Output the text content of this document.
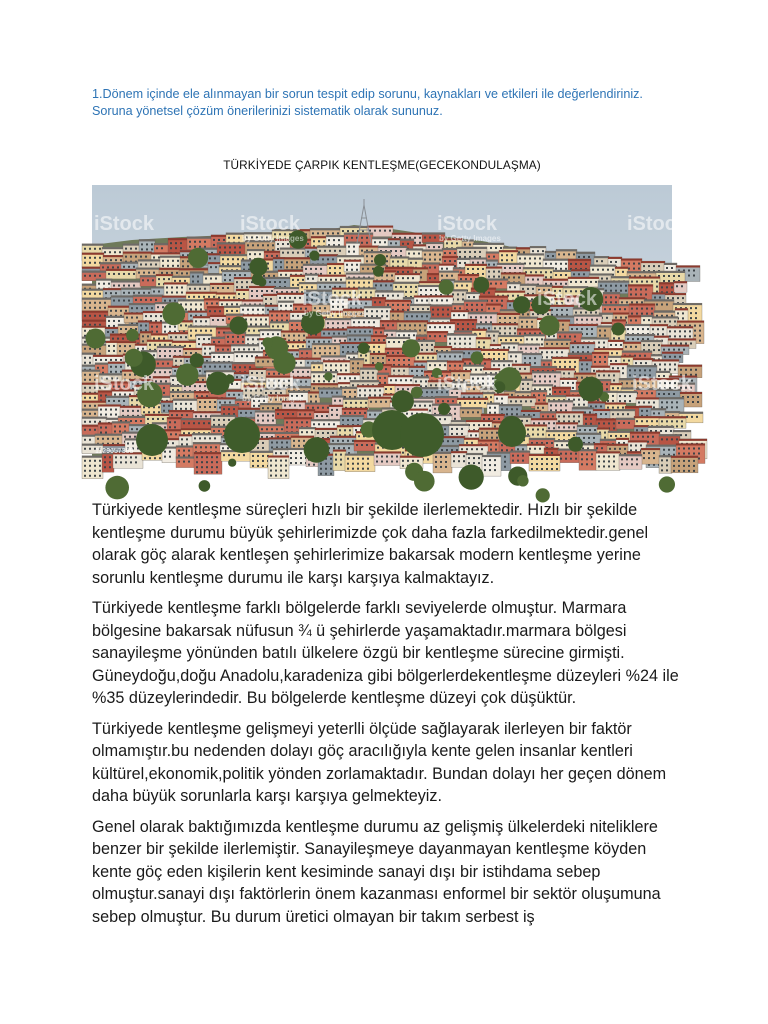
1.Dönem içinde ele alınmayan bir sorun tespit edip sorunu, kaynakları ve etkileri ile değerlendiriniz.

Soruna yönetsel çözüm önerilerinizi sistematik olarak sununuz.

TÜRKİYEDE ÇARPIK KENTLEŞME(GECEKONDULAŞMA)
iStock	iStock	iStock	iStock
iStock	iStock
iStock	iStock	iStock	iStock
by Getty Images	by Getty Images
by Getty Images
by Getty Images
1129657308

Türkiyede kentleşme süreçleri hızlı bir şekilde ilerlemektedir. Hızlı bir şekilde kentleşme durumu büyük şehirlerimizde çok daha fazla farkedilmektedir.genel olarak göç alarak kentleşen şehirlerimize bakarsak modern kentleşme yerine sorunlu kentleşme durumu ile karşı karşıya kalmaktayız.

Türkiyede kentleşme farklı bölgelerde farklı seviyelerde olmuştur. Marmara bölgesine bakarsak nüfusun ¾ ü şehirlerde yaşamaktadır.marmara bölgesi sanayileşme yönünden batılı ülkelere özgü bir kentleşme sürecine girmişti. Güneydoğu,doğu Anadolu,karadeniza gibi bölgerlerdekentleşme düzeyleri %24 ile %35 düzeylerindedir. Bu bölgelerde kentleşme düzeyi çok düşüktür.

Türkiyede kentleşme gelişmeyi yeterlli ölçüde sağlayarak ilerleyen bir faktör olmamıştır.bu nedenden dolayı göç aracılığıyla kente gelen insanlar kentleri kültürel,ekonomik,politik yönden zorlamaktadır. Bundan dolayı her geçen dönem daha büyük sorunlarla karşı karşıya gelmekteyiz.

Genel olarak baktığımızda kentleşme durumu az gelişmiş ülkelerdeki niteliklere benzer bir şekilde ilerlemiştir. Sanayileşmeye dayanmayan kentleşme köyden kente göç eden kişilerin kent kesiminde sanayi dışı bir istihdama sebep olmuştur.sanayi dışı faktörlerin önem kazanması enformel bir sektör oluşumuna sebep olmuştur. Bu durum üretici olmayan bir takım serbest iş
